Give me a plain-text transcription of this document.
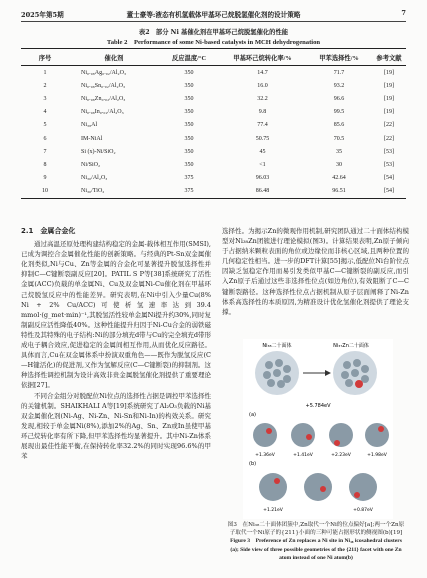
2025年第5期	董士豪等:液态有机氢载体甲基环己烷脱氢催化剂的设计策略	7
表2　部分 Ni 基催化剂在甲基环己烷脱氢催化的性能
Table 2　Performance of some Ni-based catalysts in MCH dehydrogenation
序号	催化剂	反应温度/°C	甲基环己烷转化率/%	甲苯选择性/%	参考文献
1	Ni₀.₉₈Ag₀.₀₂/Al₂O₃	350	14.7	71.7	[19]
2	Ni₀.₉₈Sn₀.₀₂/Al₂O₃	350	16.0	93.2	[19]
3	Ni₀.₉₈Zn₀.₀₂/Al₂O₃	350	32.2	96.6	[19]
4	Ni₀.₉₈In₀.₀₂/Al₂O₃	350	9.8	99.5	[19]
5	Ni₃₈Al	350	77.4	85.6	[22]
6	IM-NiAl	350	50.75	70.5	[22]
7	Si (x)-Ni/SiO₂	350	45	35	[53]
8	Ni/SiO₂	350	<1	30	[53]
9	Ni₃₀/Al₂O₃	375	96.03	42.64	[54]
10	Ni₃₀/TiO₂	375	86.48	96.51	[54]
2.1　金属合金化

通过高温还原处理构建结构稳定的金属-载体相互作用(SMSI),已成为调控合金属催化性能的创新策略。与经典的Pt-Sn双金属催化剂类似,Ni与Cu、Zn等金属的合金化可显著提升脱氢选择性并抑制C—C键断裂副反应[20]。PATIL S P等[38]系统研究了活性金属(ACC)负载的单金属Ni、Cu及双金属Ni-Cu催化剂在甲基环己烷脱氢反应中的性能差异。研究表明,在Ni中引入少量Cu(8% Ni + 2% Cu/ACC)可使析氢速率达到39.4 mmol·(g_met·min)⁻¹,其脱氢活性较单金属Ni提升约30%,同时复制副反应活性降低40%。这种性能提升归因于Ni-Cu合金的弱铁磁特性及其特殊的电子结构:Ni的部分填充d带与Cu的完全填充d带形成电子耦合效应,促进稳定的金属间相互作用,从而优化反应路径。具体而言,Cu在双金属体系中扮演双重角色——既作为脱氢反应(C—H键活化)的促进剂,又作为氢解反应(C—C键断裂)的抑制剂。这种选择性调控机制为设计高效非贵金属脱氢催化剂提供了重要理论依据[27]。

不同合金组分对脱配位Ni位点的选择性占据是调控甲苯选择性的关键机制。SHAIKHALI A等[19]系统研究了Al₂O₃负载的Ni基双金属催化剂(Ni-Ag、Ni-Zn、Ni-Sn和Ni-In)的构效关系。研究发现,相较于单金属Ni(8%),添加2%的Ag、Sn、Zn或In虽使甲基环己烷转化率有所下降,但甲苯选择性均显著提升。其中Ni-Zn体系展现出最佳性能平衡,在保持转化率32.2%的同时实现96.6%的甲苯

选择性。为揭示Zn的微观作用机制,研究团队通过二十面体结构模型对Ni₃₈Zn团簇进行理论模拟(图3)。计算结果表明,Zn原子倾向于占据纳米颗粒表面的角位或边缘位而非核心区域,且两种位置的几何稳定性相当。进一步的DFT计算[55]揭示,低配位Ni台阶位点因缺乏氢稳定作用而易引发类似甲基C—C键断裂的副反应,而引入Zn原子后通过这些非选择性位点(如边角位),有效阻断了C—C键断裂路径。这种选择性位点占据机制从原子层面阐释了Ni-Zn体系高选择性的本质原因,为精准设计优化氢催化剂提供了理论支撑。

Ni₃₈二十面体	Ni₃₇Zn二十面体
+5.784eV
(a)
+1.36eV	+1.41eV	+2.23eV	+1.98eV
(b)
+1.21eV	+0.87eV
图3　在Ni₃₈二十面体团簇中,Zn取代一个Ni的位点偏好[a];两一个Zn原子取代一个Ni原子的{211}小面的三种可能占据形状的侧视图(b)[19]
Figure 3　Preference of Zn replaces a Ni site in Ni₃₈ icosahedral clusters (a); Side view of three possible geometries of the {211} facet with one Zn atom instead of one Ni atom(b)
